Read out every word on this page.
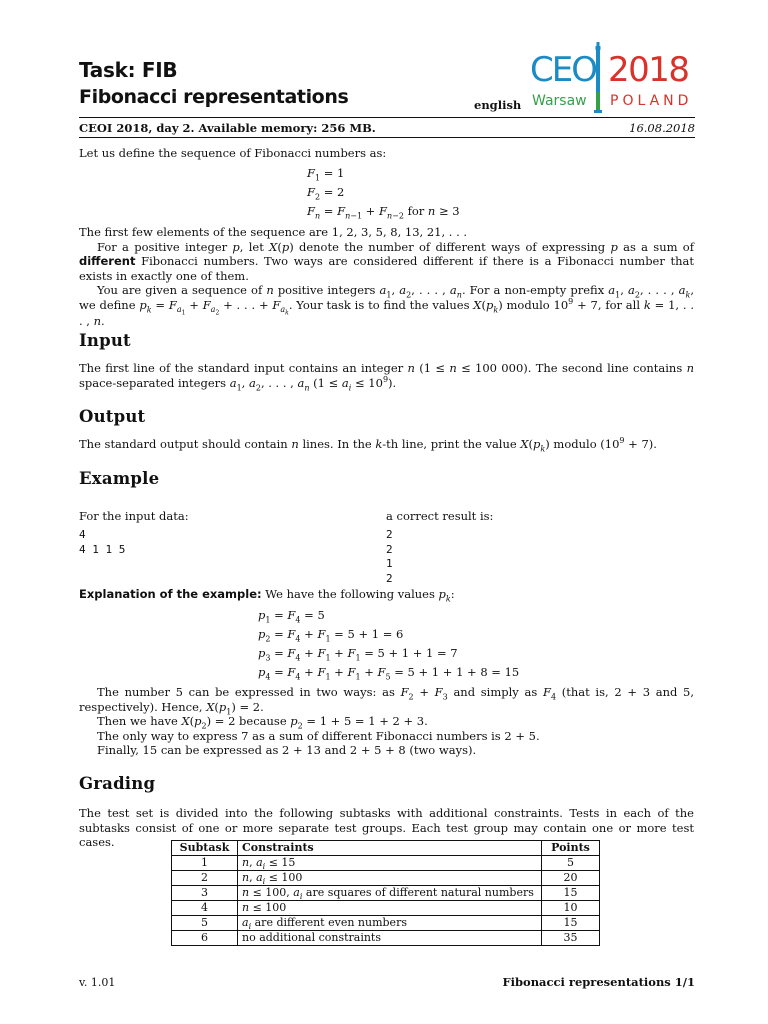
Task: FIB
Fibonacci representations	english
CEO 2018
Warsaw POLAND
CEOI 2018, day 2. Available memory: 256 MB.	16.08.2018
Let us define the sequence of Fibonacci numbers as:
$F_1 = 1$
$F_2 = 2$
$F_n = F_{n-1} + F_{n-2}$ for n ≥ 3
The first few elements of the sequence are 1, 2, 3, 5, 8, 13, 21, . . .
For a positive integer p, let X(p) denote the number of different ways of expressing p as a sum of different Fibonacci numbers. Two ways are considered different if there is a Fibonacci number that exists in exactly one of them.
You are given a sequence of n positive integers $a_1$, $a_2$, . . . , $a_n$. For a non-empty prefix $a_1$, $a_2$, . . . , $a_k$, we define $p_k = F_{a_1} + F_{a_2}$ + . . . + $F_{a_k}$. Your task is to find the values $X(p_k)$ modulo $10^9 + 7$, for all k = 1, . . . , n.
Input
The first line of the standard input contains an integer n (1 ≤ n ≤ 100 000). The second line contains n space-separated integers $a_1$, $a_2$, . . . , $a_n$ $(1 \le a_i \le 10^9)$.
Output
The standard output should contain n lines. In the k-th line, print the value $X(p_k)$ modulo $(10^9 + 7)$.
Example
For the input data:	a correct result is:
4
4 1 1 5
2
2
1
2
Explanation of the example: We have the following values $p_k$:
$p_1 = F_4 = 5$
$p_2 = F_4 + F_1 = 5 + 1 = 6$
$p_3 = F_4 + F_1 + F_1 = 5 + 1 + 1 = 7$
$p_4 = F_4 + F_1 + F_1 + F_5 = 5 + 1 + 1 + 8 = 15$
The number 5 can be expressed in two ways: as $F_2 + F_3$ and simply as $F_4$ (that is, 2 + 3 and 5, respectively). Hence, $X(p_1) = 2$.
Then we have $X(p_2) = 2$ because $p_2 = 1 + 5 = 1 + 2 + 3$.
The only way to express 7 as a sum of different Fibonacci numbers is 2 + 5.
Finally, 15 can be expressed as 2 + 13 and 2 + 5 + 8 (two ways).
Grading
The test set is divided into the following subtasks with additional constraints. Tests in each of the subtasks consist of one or more separate test groups. Each test group may contain one or more test cases.	Subtask	Constraints	Points
1	n, $a_i \le 15$	5
2	n, $a_i \le 100$	20
3	n ≤ 100, $a_i$ are squares of different natural numbers	15
4	n ≤ 100	10
5	$a_i$ are different even numbers	15
6	no additional constraints	35
v. 1.01	Fibonacci representations 1/1
